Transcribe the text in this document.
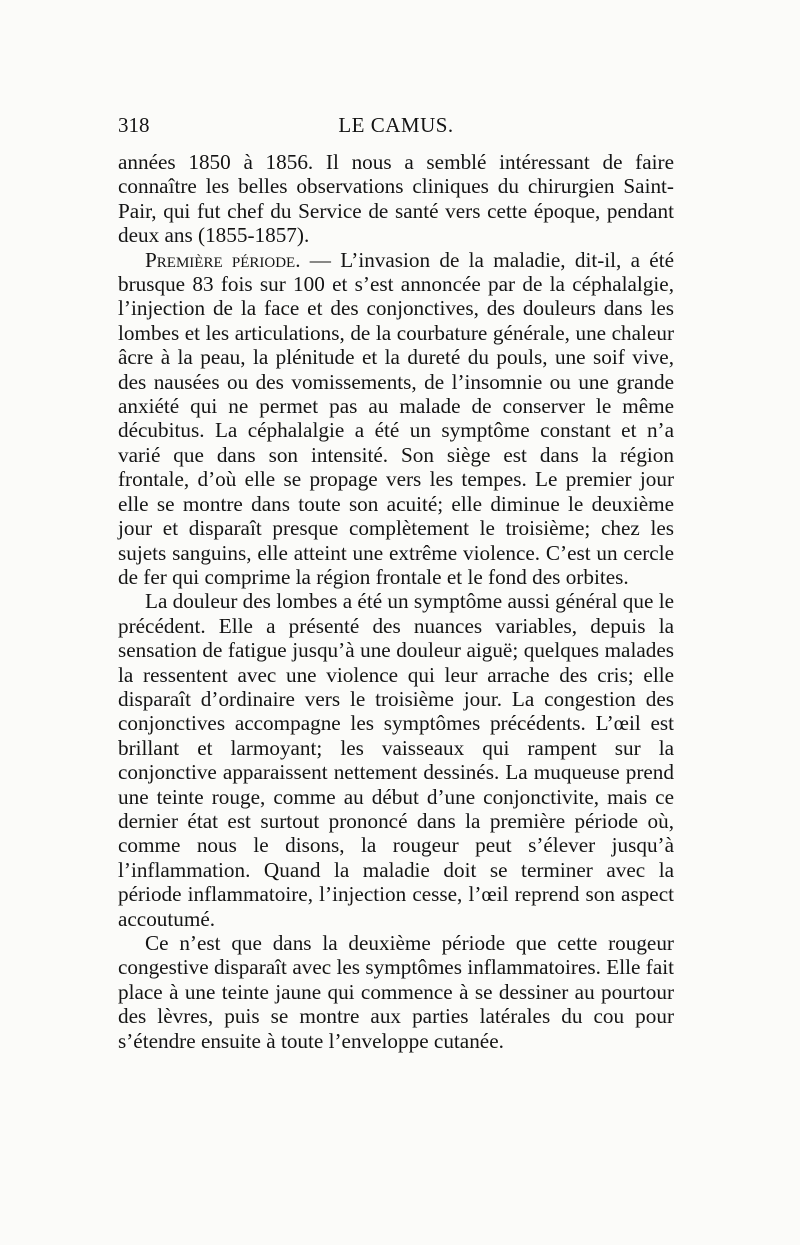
318	LE CAMUS.

années 1850 à 1856. Il nous a semblé intéressant de faire connaître les belles observations cliniques du chirurgien Saint-Pair, qui fut chef du Service de santé vers cette époque, pendant deux ans (1855-1857).

Première période. — L’invasion de la maladie, dit-il, a été brusque 83 fois sur 100 et s’est annoncée par de la céphalalgie, l’injection de la face et des conjonctives, des douleurs dans les lombes et les articulations, de la courbature générale, une chaleur âcre à la peau, la plénitude et la dureté du pouls, une soif vive, des nausées ou des vomissements, de l’insomnie ou une grande anxiété qui ne permet pas au malade de conserver le même décubitus. La céphalalgie a été un symptôme constant et n’a varié que dans son intensité. Son siège est dans la région frontale, d’où elle se propage vers les tempes. Le premier jour elle se montre dans toute son acuité; elle diminue le deuxième jour et disparaît presque complètement le troisième; chez les sujets sanguins, elle atteint une extrême violence. C’est un cercle de fer qui comprime la région frontale et le fond des orbites.

La douleur des lombes a été un symptôme aussi général que le précédent. Elle a présenté des nuances variables, depuis la sensation de fatigue jusqu’à une douleur aiguë; quelques malades la ressentent avec une violence qui leur arrache des cris; elle disparaît d’ordinaire vers le troisième jour. La congestion des conjonctives accompagne les symptômes précédents. L’œil est brillant et larmoyant; les vaisseaux qui rampent sur la conjonctive apparaissent nettement dessinés. La muqueuse prend une teinte rouge, comme au début d’une conjonctivite, mais ce dernier état est surtout prononcé dans la première période où, comme nous le disons, la rougeur peut s’élever jusqu’à l’inflammation. Quand la maladie doit se terminer avec la période inflammatoire, l’injection cesse, l’œil reprend son aspect accoutumé.

Ce n’est que dans la deuxième période que cette rougeur congestive disparaît avec les symptômes inflammatoires. Elle fait place à une teinte jaune qui commence à se dessiner au pourtour des lèvres, puis se montre aux parties latérales du cou pour s’étendre ensuite à toute l’enveloppe cutanée.
